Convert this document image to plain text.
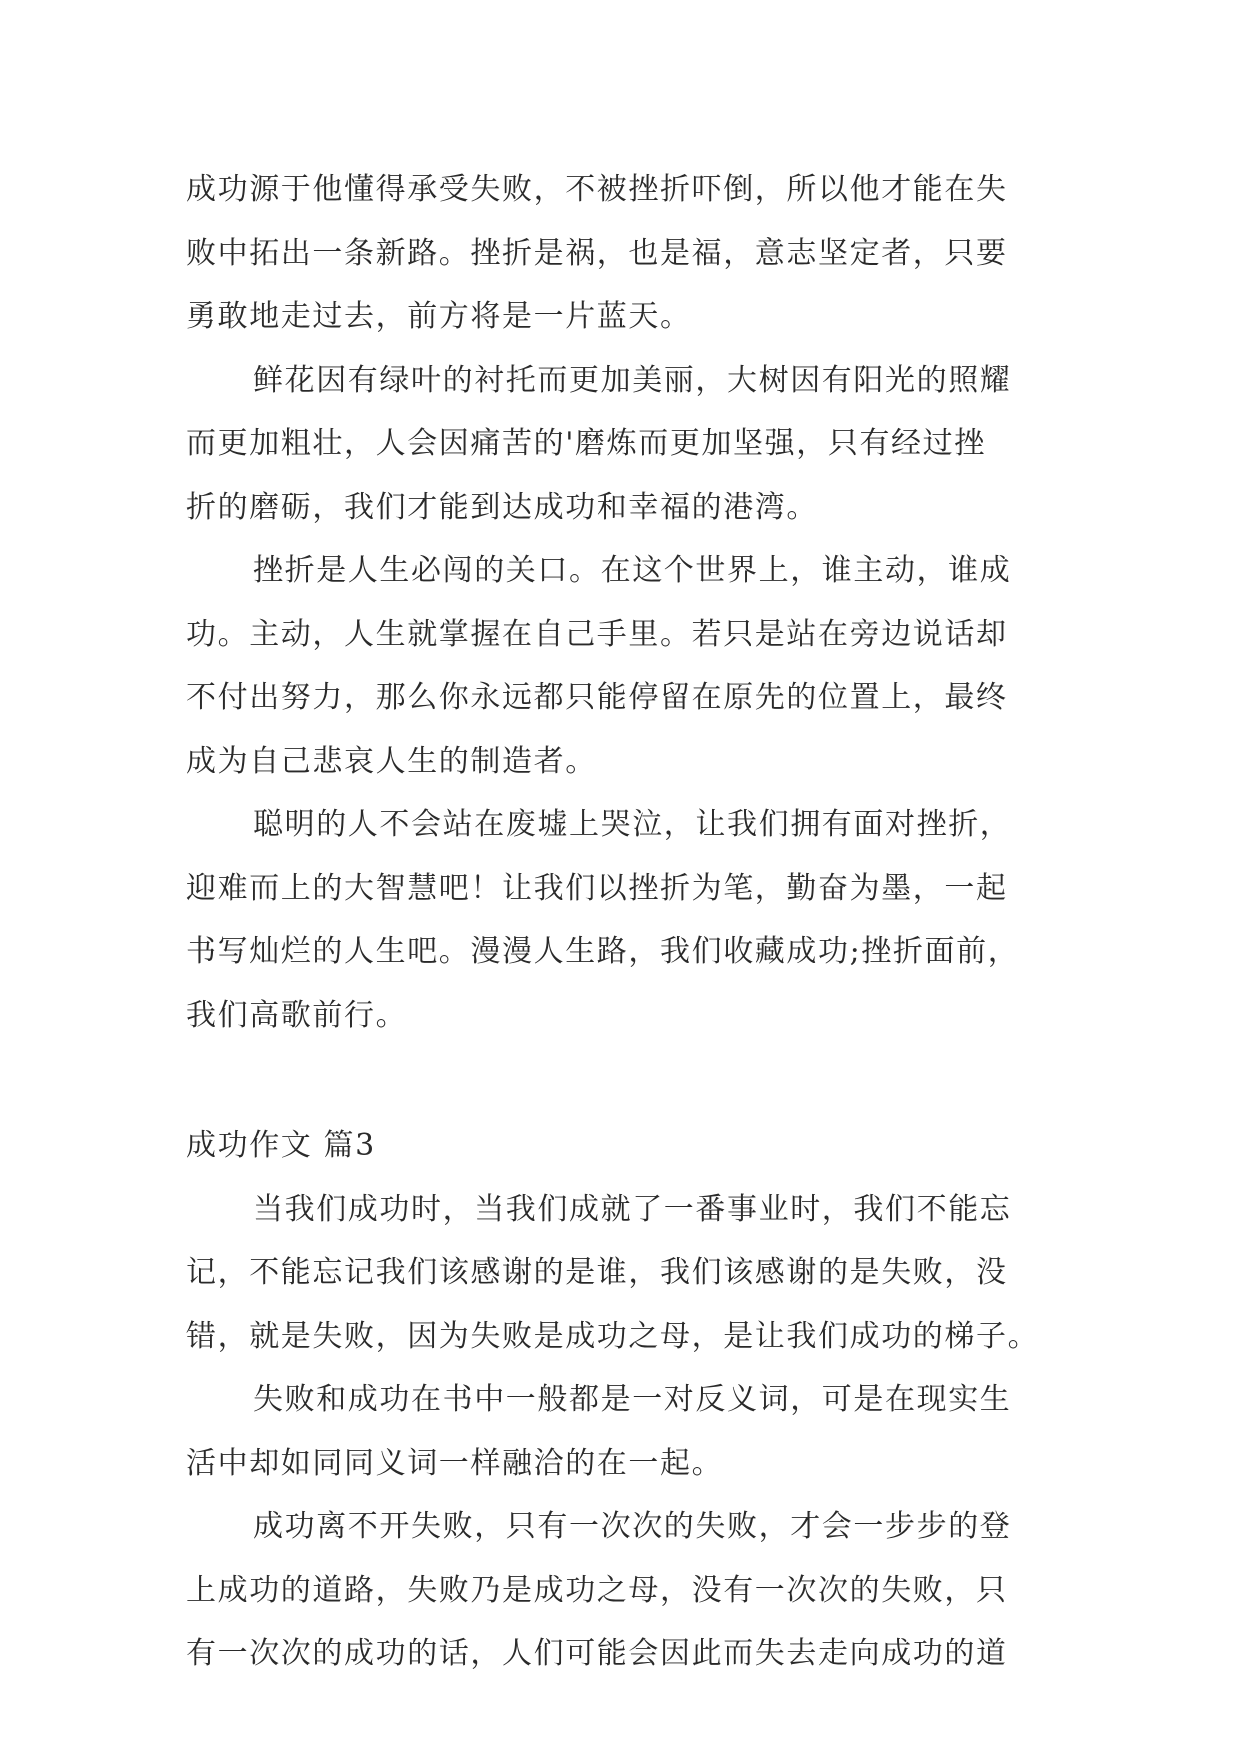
成功源于他懂得承受失败，不被挫折吓倒，所以他才能在失
败中拓出一条新路。挫折是祸，也是福，意志坚定者，只要
勇敢地走过去，前方将是一片蓝天。
鲜花因有绿叶的衬托而更加美丽，大树因有阳光的照耀
而更加粗壮，人会因痛苦的'磨炼而更加坚强，只有经过挫
折的磨砺，我们才能到达成功和幸福的港湾。
挫折是人生必闯的关口。在这个世界上，谁主动，谁成
功。主动，人生就掌握在自己手里。若只是站在旁边说话却
不付出努力，那么你永远都只能停留在原先的位置上，最终
成为自己悲哀人生的制造者。
聪明的人不会站在废墟上哭泣，让我们拥有面对挫折，
迎难而上的大智慧吧！让我们以挫折为笔，勤奋为墨，一起
书写灿烂的人生吧。漫漫人生路，我们收藏成功;挫折面前，
我们高歌前行。
成功作文 篇3
当我们成功时，当我们成就了一番事业时，我们不能忘
记，不能忘记我们该感谢的是谁，我们该感谢的是失败，没
错，就是失败，因为失败是成功之母，是让我们成功的梯子。
失败和成功在书中一般都是一对反义词，可是在现实生
活中却如同同义词一样融洽的在一起。
成功离不开失败，只有一次次的失败，才会一步步的登
上成功的道路，失败乃是成功之母，没有一次次的失败，只
有一次次的成功的话，人们可能会因此而失去走向成功的道
